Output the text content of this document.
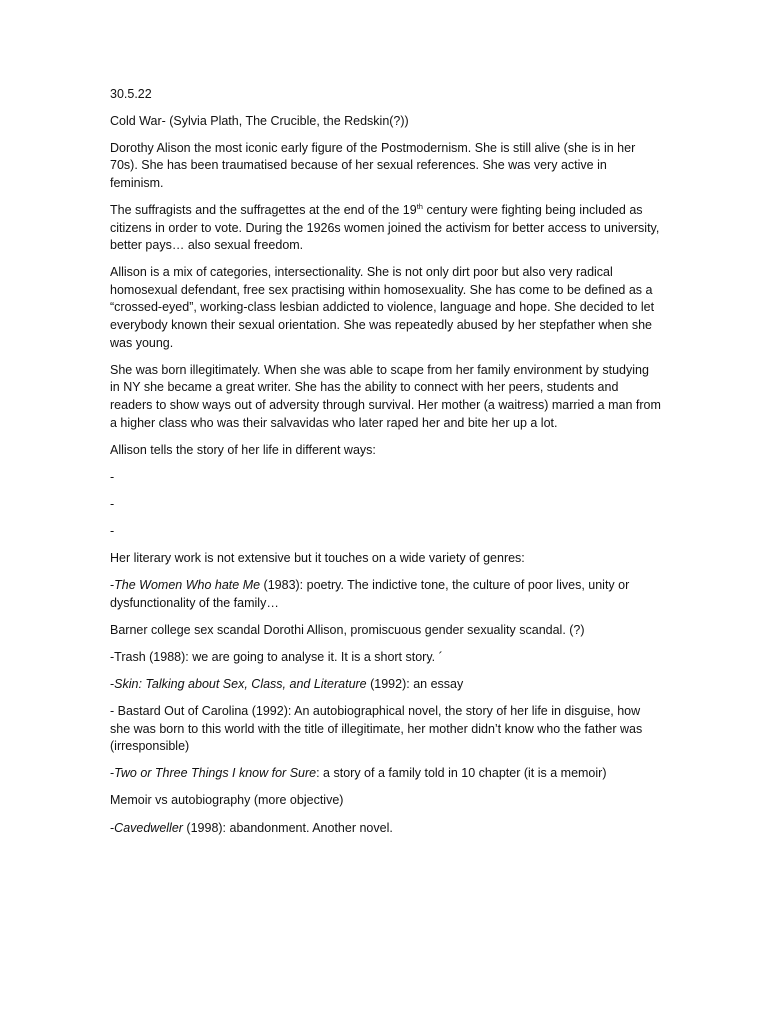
30.5.22

Cold War- (Sylvia Plath, The Crucible, the Redskin(?))

Dorothy Alison the most iconic early figure of the Postmodernism. She is still alive (she is in her 70s). She has been traumatised because of her sexual references. She was very active in feminism.

The suffragists and the suffragettes at the end of the 19th century were fighting being included as citizens in order to vote. During the 1926s women joined the activism for better access to university, better pays… also sexual freedom.

Allison is a mix of categories, intersectionality. She is not only dirt poor but also very radical homosexual defendant, free sex practising within homosexuality. She has come to be defined as a “crossed-eyed”, working-class lesbian addicted to violence, language and hope. She decided to let everybody known their sexual orientation. She was repeatedly abused by her stepfather when she was young.

She was born illegitimately. When she was able to scape from her family environment by studying in NY she became a great writer. She has the ability to connect with her peers, students and readers to show ways out of adversity through survival. Her mother (a waitress) married a man from a higher class who was their salvavidas who later raped her and bite her up a lot.

Allison tells the story of her life in different ways:

-

-

-

Her literary work is not extensive but it touches on a wide variety of genres:

-The Women Who hate Me (1983): poetry. The indictive tone, the culture of poor lives, unity or dysfunctionality of the family…

Barner college sex scandal Dorothi Allison, promiscuous gender sexuality scandal. (?)

-Trash (1988): we are going to analyse it. It is a short story. ´

-Skin: Talking about Sex, Class, and Literature (1992): an essay

- Bastard Out of Carolina (1992): An autobiographical novel, the story of her life in disguise, how she was born to this world with the title of illegitimate, her mother didn’t know who the father was (irresponsible)

-Two or Three Things I know for Sure: a story of a family told in 10 chapter (it is a memoir)

Memoir vs autobiography (more objective)

-Cavedweller (1998): abandonment. Another novel.
